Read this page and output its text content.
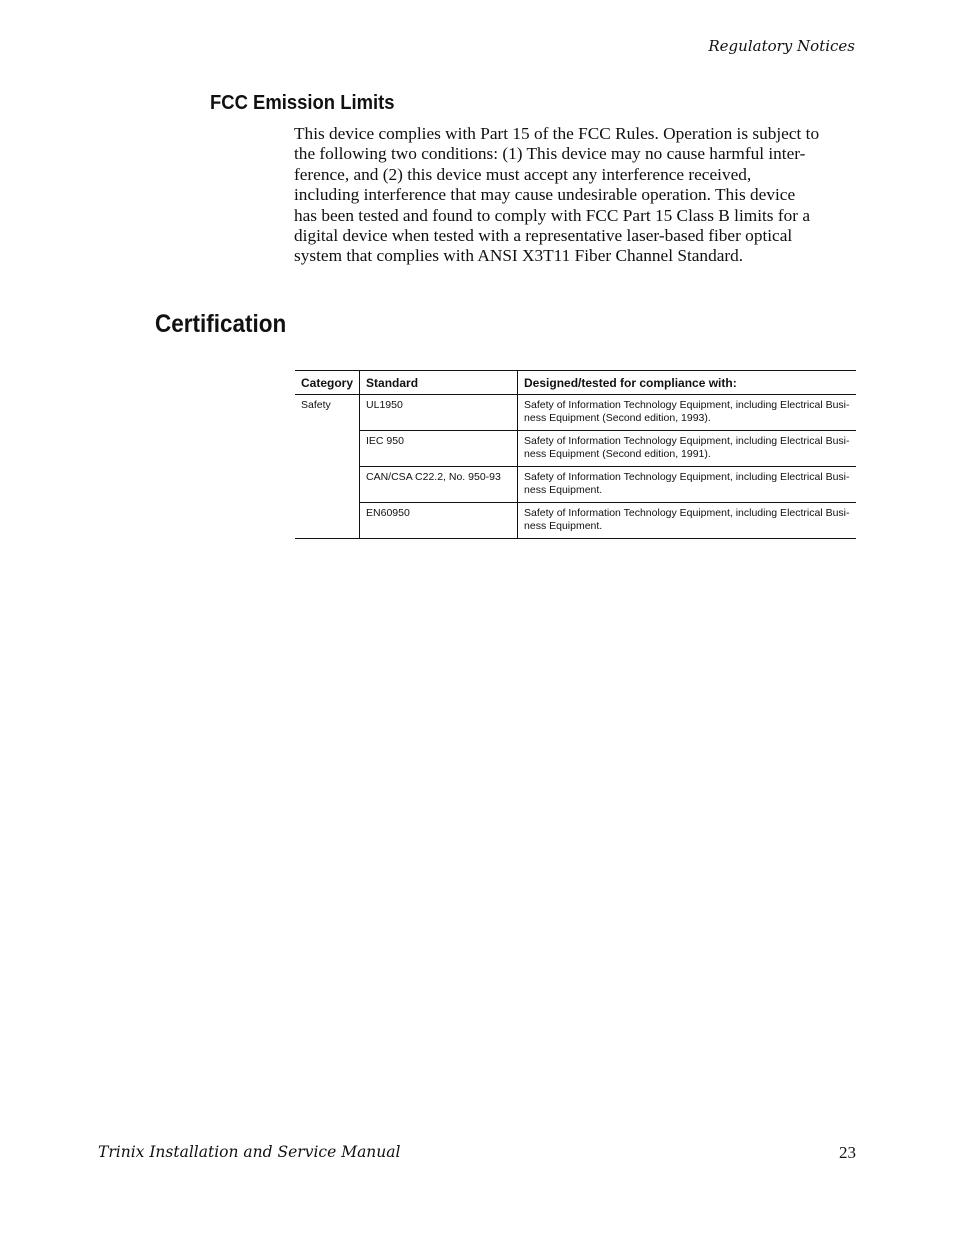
Regulatory Notices
FCC Emission Limits

This device complies with Part 15 of the FCC Rules. Operation is subject to
the following two conditions: (1) This device may no cause harmful inter-
ference, and (2) this device must accept any interference received,
including interference that may cause undesirable operation. This device
has been tested and found to comply with FCC Part 15 Class B limits for a
digital device when tested with a representative laser-based fiber optical
system that complies with ANSI X3T11 Fiber Channel Standard.

Certification
Category	Standard	Designed/tested for compliance with:
Safety	UL1950	Safety of Information Technology Equipment, including Electrical Busi-
ness Equipment (Second edition, 1993).

	IEC 950	Safety of Information Technology Equipment, including Electrical Busi-
ness Equipment (Second edition, 1991).

	CAN/CSA C22.2, No. 950-93	Safety of Information Technology Equipment, including Electrical Busi-
ness Equipment.

	EN60950	Safety of Information Technology Equipment, including Electrical Busi-
ness Equipment.
Trinix Installation and Service Manual	23
